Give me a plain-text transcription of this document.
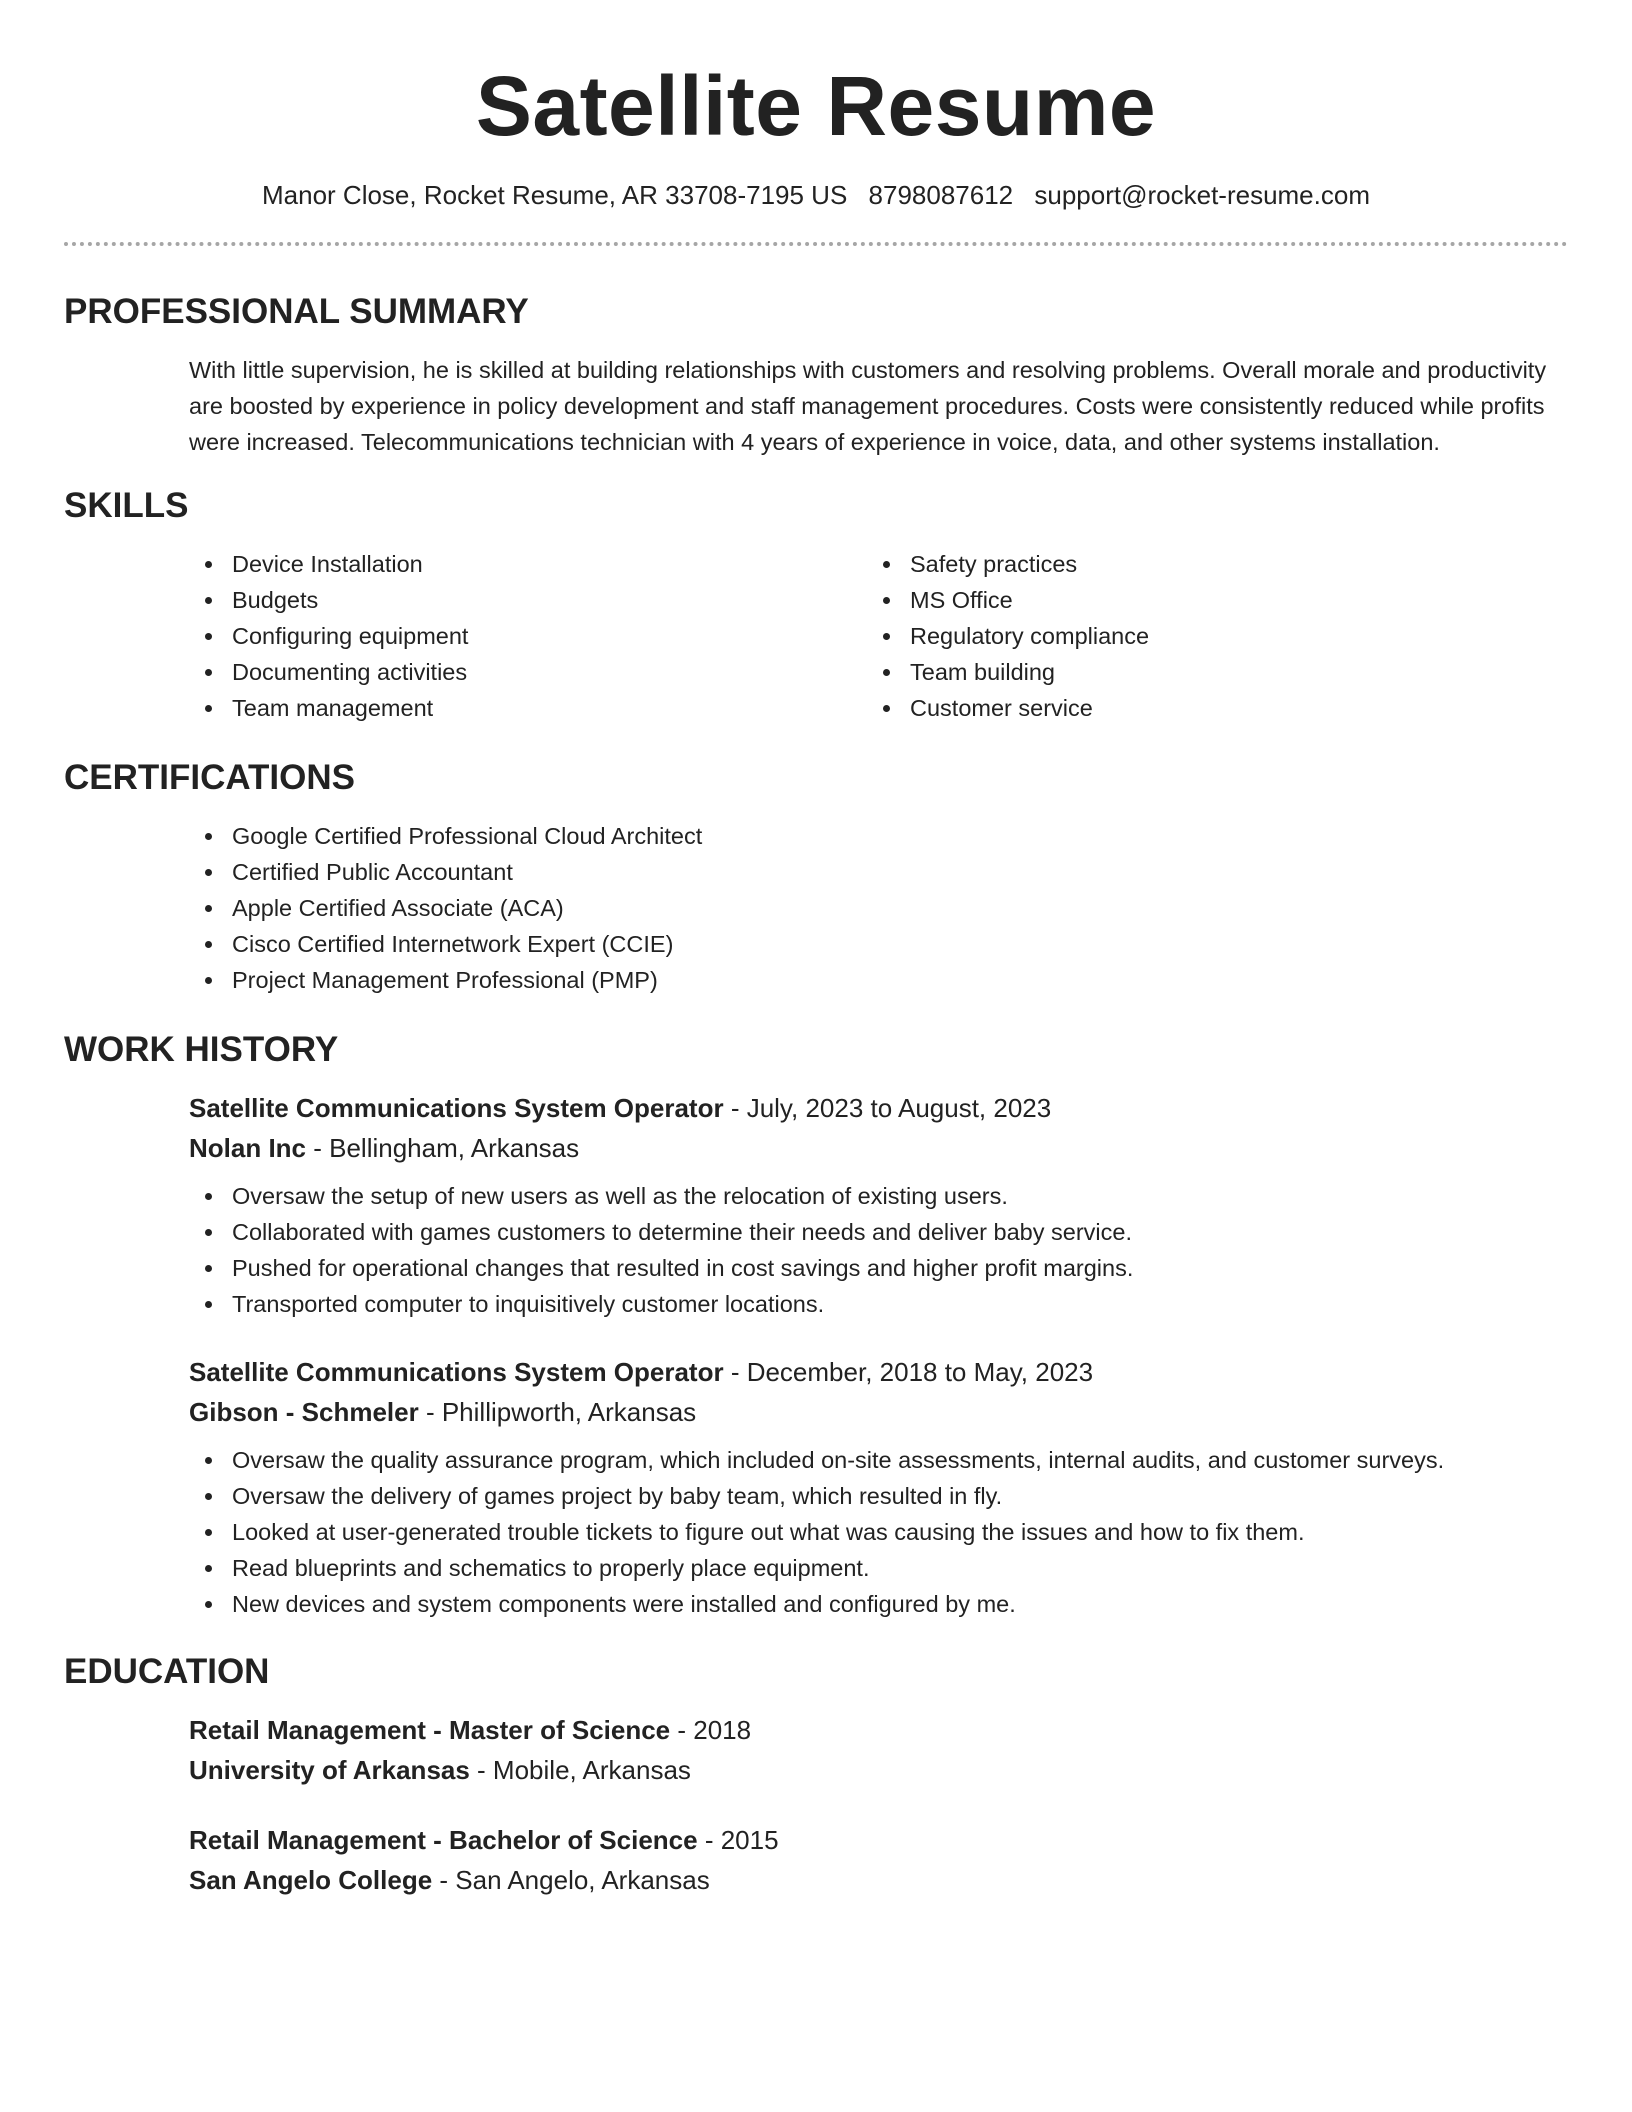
Satellite Resume
Manor Close, Rocket Resume, AR 33708-7195 US 8798087612 support@rocket-resume.com
PROFESSIONAL SUMMARY
With little supervision, he is skilled at building relationships with customers and resolving problems. Overall morale and productivity are boosted by experience in policy development and staff management procedures. Costs were consistently reduced while profits were increased. Telecommunications technician with 4 years of experience in voice, data, and other systems installation.
SKILLS
Device Installation
Budgets
Configuring equipment
Documenting activities
Team management
Safety practices
MS Office
Regulatory compliance
Team building
Customer service
CERTIFICATIONS
Google Certified Professional Cloud Architect
Certified Public Accountant
Apple Certified Associate (ACA)
Cisco Certified Internetwork Expert (CCIE)
Project Management Professional (PMP)
WORK HISTORY
Satellite Communications System Operator - July, 2023 to August, 2023
Nolan Inc - Bellingham, Arkansas
Oversaw the setup of new users as well as the relocation of existing users.
Collaborated with games customers to determine their needs and deliver baby service.
Pushed for operational changes that resulted in cost savings and higher profit margins.
Transported computer to inquisitively customer locations.
Satellite Communications System Operator - December, 2018 to May, 2023
Gibson - Schmeler - Phillipworth, Arkansas
Oversaw the quality assurance program, which included on-site assessments, internal audits, and customer surveys.
Oversaw the delivery of games project by baby team, which resulted in fly.
Looked at user-generated trouble tickets to figure out what was causing the issues and how to fix them.
Read blueprints and schematics to properly place equipment.
New devices and system components were installed and configured by me.
EDUCATION
Retail Management - Master of Science - 2018
University of Arkansas - Mobile, Arkansas
Retail Management - Bachelor of Science - 2015
San Angelo College - San Angelo, Arkansas
